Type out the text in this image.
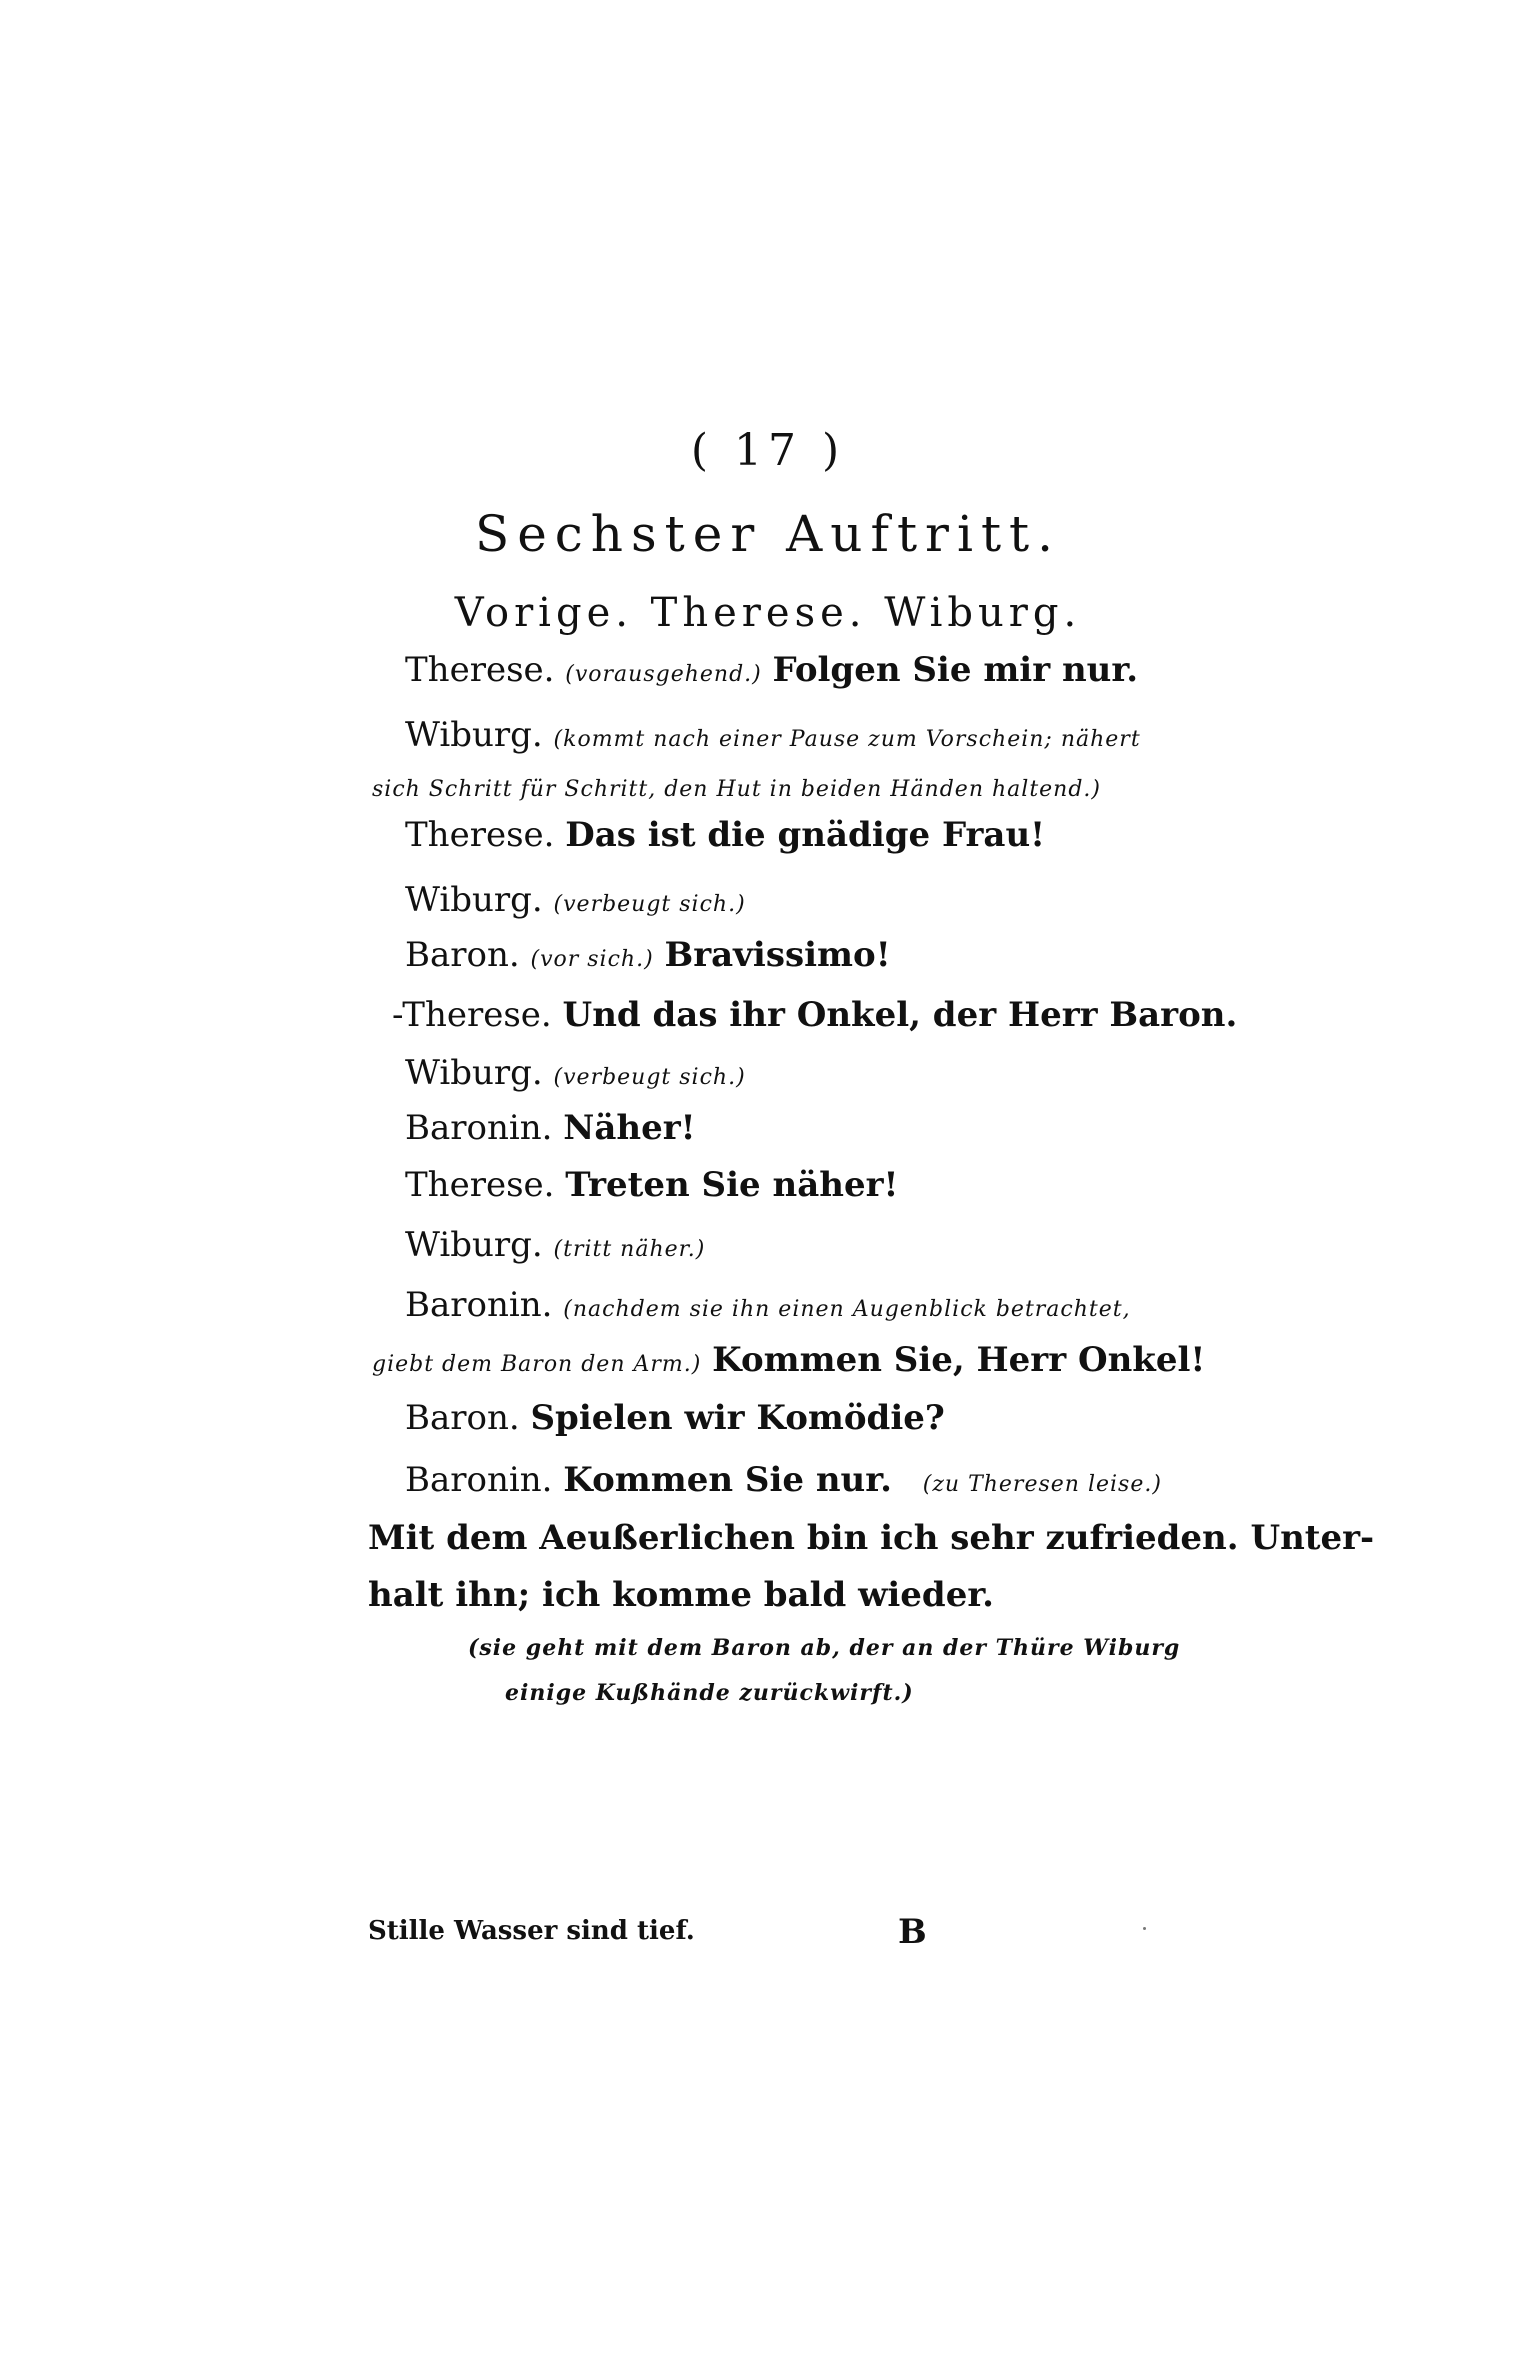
( 17 )
Sechster Auftritt.
Vorige. Therese. Wiburg.
Therese. (vorausgehend.) Folgen Sie mir nur.
Wiburg. (kommt nach einer Pause zum Vorschein; nähert
sich Schritt für Schritt, den Hut in beiden Händen haltend.)
Therese. Das ist die gnädige Frau!
Wiburg. (verbeugt sich.)
Baron. (vor sich.) Bravissimo!
-Therese. Und das ihr Onkel, der Herr Baron.
Wiburg. (verbeugt sich.)
Baronin. Näher!
Therese. Treten Sie näher!
Wiburg. (tritt näher.)
Baronin. (nachdem sie ihn einen Augenblick betrachtet,
giebt dem Baron den Arm.) Kommen Sie, Herr Onkel!
Baron. Spielen wir Komödie?
Baronin. Kommen Sie nur. (zu Theresen leise.)
Mit dem Aeußerlichen bin ich sehr zufrieden. Unter-
halt ihn; ich komme bald wieder.
(sie geht mit dem Baron ab, der an der Thüre Wiburg
einige Kußhände zurückwirft.)
Stille Wasser sind tief.	B
